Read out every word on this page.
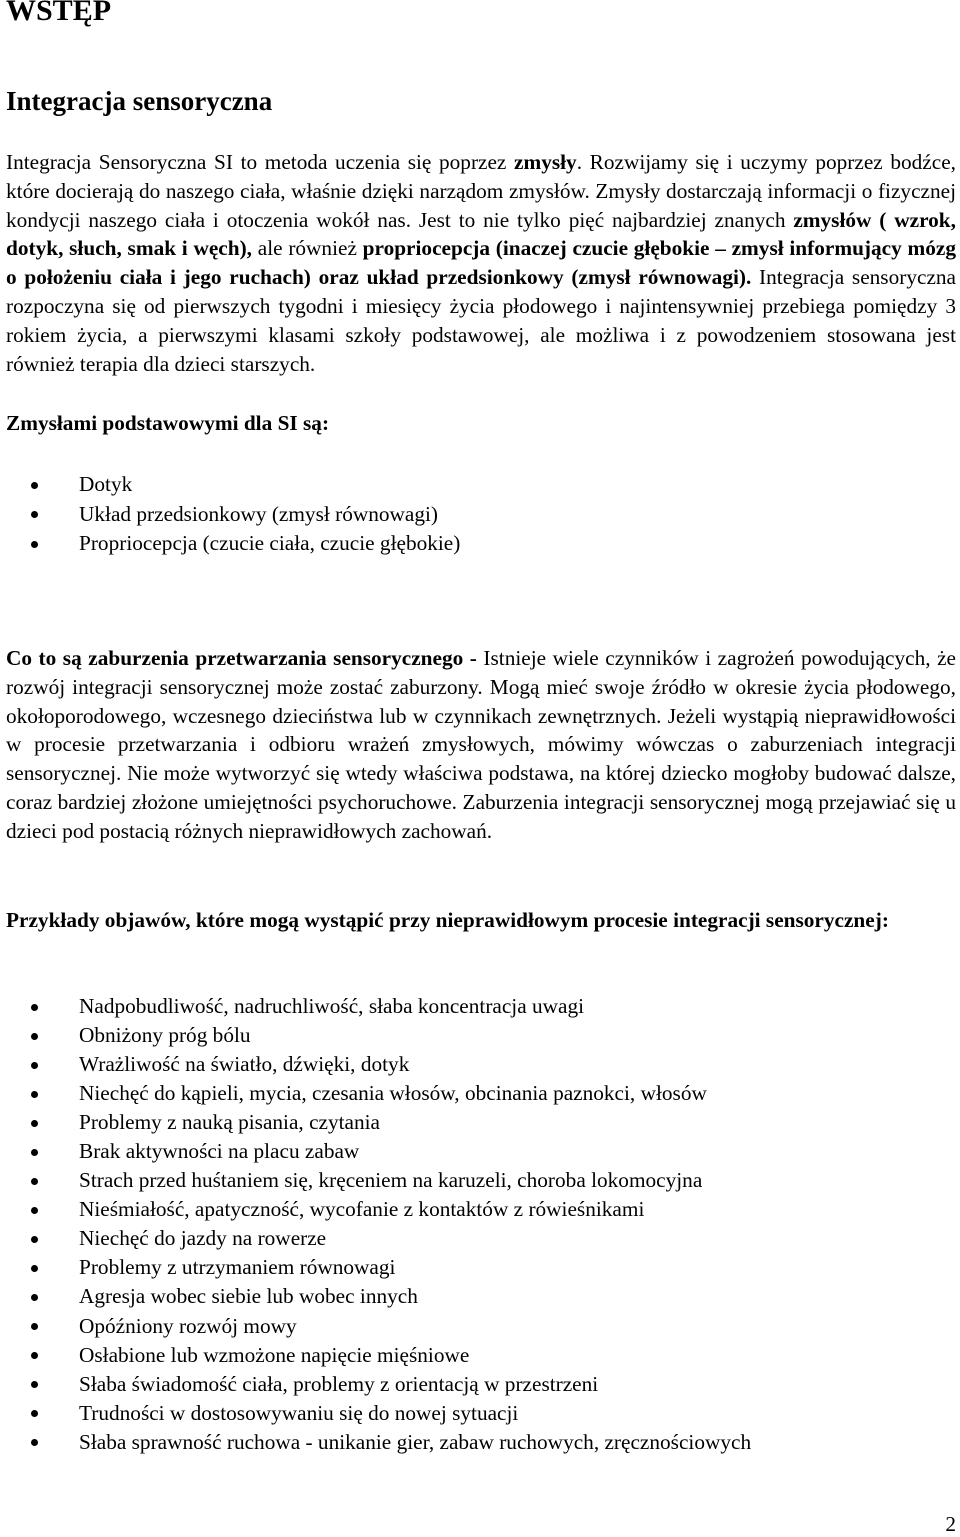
WSTĘP
Integracja sensoryczna
Integracja Sensoryczna SI to metoda uczenia się poprzez zmysły. Rozwijamy się i uczymy poprzez bodźce, które docierają do naszego ciała, właśnie dzięki narządom zmysłów. Zmysły dostarczają informacji o fizycznej kondycji naszego ciała i otoczenia wokół nas. Jest to nie tylko pięć najbardziej znanych zmysłów ( wzrok, dotyk, słuch, smak i węch), ale również propriocepcja (inaczej czucie głębokie – zmysł informujący mózg o położeniu ciała i jego ruchach) oraz układ przedsionkowy (zmysł równowagi). Integracja sensoryczna rozpoczyna się od pierwszych tygodni i miesięcy życia płodowego i najintensywniej przebiega pomiędzy 3 rokiem życia, a pierwszymi klasami szkoły podstawowej, ale możliwa i z powodzeniem stosowana jest również terapia dla dzieci starszych.
Zmysłami podstawowymi dla SI są:
Dotyk
Układ przedsionkowy (zmysł równowagi)
Propriocepcja (czucie ciała, czucie głębokie)
Co to są zaburzenia przetwarzania sensorycznego - Istnieje wiele czynników i zagrożeń powodujących, że rozwój integracji sensorycznej może zostać zaburzony. Mogą mieć swoje źródło w okresie życia płodowego, okołoporodowego, wczesnego dzieciństwa lub w czynnikach zewnętrznych. Jeżeli wystąpią nieprawidłowości w procesie przetwarzania i odbioru wrażeń zmysłowych, mówimy wówczas o zaburzeniach integracji sensorycznej. Nie może wytworzyć się wtedy właściwa podstawa, na której dziecko mogłoby budować dalsze, coraz bardziej złożone umiejętności psychoruchowe. Zaburzenia integracji sensorycznej mogą przejawiać się u dzieci pod postacią różnych nieprawidłowych zachowań.
Przykłady objawów, które mogą wystąpić przy nieprawidłowym procesie integracji sensorycznej:
Nadpobudliwość, nadruchliwość, słaba koncentracja uwagi
Obniżony próg bólu
Wrażliwość na światło, dźwięki, dotyk
Niechęć do kąpieli, mycia, czesania włosów, obcinania paznokci, włosów
Problemy z nauką pisania, czytania
Brak aktywności na placu zabaw
Strach przed huśtaniem się, kręceniem na karuzeli, choroba lokomocyjna
Nieśmiałość, apatyczność, wycofanie z kontaktów z rówieśnikami
Niechęć do jazdy na rowerze
Problemy z utrzymaniem równowagi
Agresja wobec siebie lub wobec innych
Opóźniony rozwój mowy
Osłabione lub wzmożone napięcie mięśniowe
Słaba świadomość ciała, problemy z orientacją w przestrzeni
Trudności w dostosowywaniu się do nowej sytuacji
Słaba sprawność ruchowa - unikanie gier, zabaw ruchowych, zręcznościowych
2
